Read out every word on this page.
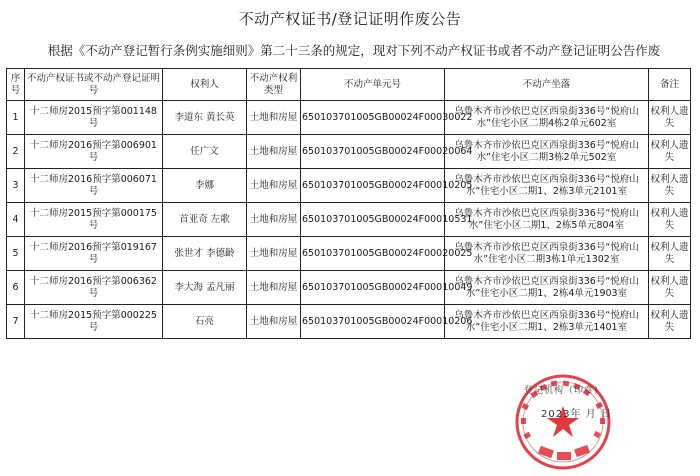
不动产权证书/登记证明作废公告
根据《不动产登记暂行条例实施细则》第二十三条的规定，现对下列不动产权证书或者不动产登记证明公告作废
序号	不动产权证书或不动产登记证明号	权利人	不动产权利类型	不动产单元号	不动产坐落	备注
1	十二师房2015预字第001148号	李道东 黄长英	土地和房屋	650103701005GB00024F00030022	乌鲁木齐市沙依巴克区西泉街336号“悦府山水”住宅小区二期4栋2单元602室	权利人遗失
2	十二师房2016预字第006901号	任广文	土地和房屋	650103701005GB00024F00020064	乌鲁木齐市沙依巴克区西泉街336号“悦府山水”住宅小区二期3栋2单元502室	权利人遗失
3	十二师房2016预字第006071号	李娜	土地和房屋	650103701005GB00024F00010205	乌鲁木齐市沙依巴克区西泉街336号“悦府山水”住宅小区二期1、2栋3单元2101室	权利人遗失
4	十二师房2015预字第000175号	首亚奇 左歌	土地和房屋	650103701005GB00024F00010531	乌鲁木齐市沙依巴克区西泉街336号“悦府山水”住宅小区二期1、2栋5单元804室	权利人遗失
5	十二师房2016预字第019167号	张世才 李德齡	土地和房屋	650103701005GB00024F00020025	乌鲁木齐市沙依巴克区西泉街336号“悦府山水”住宅小区二期3栋1单元1302室	权利人遗失
6	十二师房2016预字第006362号	李大海 孟凡丽	土地和房屋	650103701005GB00024F00010049	乌鲁木齐市沙依巴克区西泉街336号“悦府山水”住宅小区二期1、2栋4单元1903室	权利人遗失
7	十二师房2015预字第000225号	石亮	土地和房屋	650103701005GB00024F00010206	乌鲁木齐市沙依巴克区西泉街336号“悦府山水”住宅小区二期1、2栋3单元1401室	权利人遗失
登记机构（印章）
2023年 月 日
